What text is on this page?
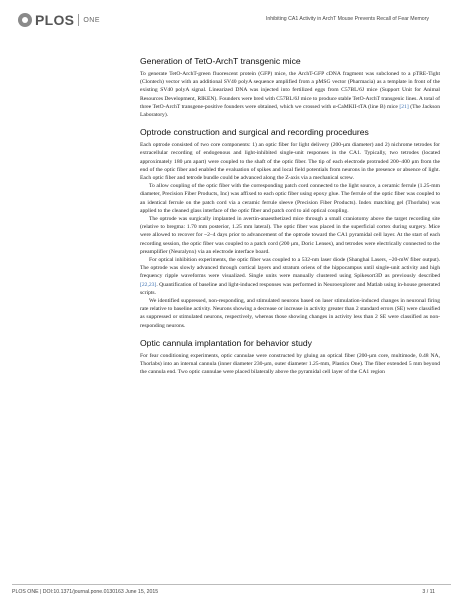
PLOS ONE	Inhibiting CA1 Activity in ArchT Mouse Prevents Recall of Fear Memory
Generation of TetO-ArchT transgenic mice

To generate TetO-ArchT-green fluorescent protein (GFP) mice, the ArchT-GFP cDNA fragment was subcloned to a pTRE-Tight (Clontech) vector with an additional SV40 polyA sequence amplified from a pMSG vector (Pharmacia) as a template in front of the existing SV40 polyA signal. Linearized DNA was injected into fertilized eggs from C57BL/6J mice (Support Unit for Animal Resources Development, RIKEN). Founders were bred with C57BL/6J mice to produce stable TetO-ArchT transgenic lines. A total of three TetO-ArchT transgene-positive founders were obtained, which we crossed with α-CaMKII-tTA (line B) mice [21] (The Jackson Laboratory).

Optrode construction and surgical and recording procedures

Each optrode consisted of two core components: 1) an optic fiber for light delivery (200-μm diameter) and 2) nichrome tetrodes for extracellular recording of endogenous and light-inhibited single-unit responses in the CA1. Typically, two tetrodes (located approximately 180 μm apart) were coupled to the shaft of the optic fiber. The tip of each electrode protruded 200–400 μm from the end of the optic fiber and enabled the evaluation of spikes and local field potentials from neurons in the presence or absence of light. Each optic fiber and tetrode bundle could be advanced along the Z-axis via a mechanical screw.

To allow coupling of the optic fiber with the corresponding patch cord connected to the light source, a ceramic ferrule (1.25-mm diameter, Precision Fiber Products, Inc) was affixed to each optic fiber using epoxy glue. The ferrule of the optic fiber was coupled to an identical ferrule on the patch cord via a ceramic ferrule sleeve (Precision Fiber Products). Index matching gel (Thorlabs) was applied to the cleaned glass interface of the optic fiber and patch cord to aid optical coupling.

The optrode was surgically implanted in avertin-anaesthetized mice through a small craniotomy above the target recording site (relative to bregma: 1.70 mm posterior, 1.25 mm lateral). The optic fiber was placed in the superficial cortex during surgery. Mice were allowed to recover for ~2–4 days prior to advancement of the optrode toward the CA1 pyramidal cell layer. At the start of each recording session, the optic fiber was coupled to a patch cord (200 μm, Doric Lenses), and tetrodes were electrically connected to the preamplifier (Neuralynx) via an electrode interface board.

For optical inhibition experiments, the optic fiber was coupled to a 532-nm laser diode (Shanghai Lasers, ~20-mW fiber output). The optrode was slowly advanced through cortical layers and stratum oriens of the hippocampus until single-unit activity and high frequency ripple waveforms were visualized. Single units were manually clustered using Spikesort3D as previously described [22,23]. Quantification of baseline and light-induced responses was performed in Neuroexplorer and Matlab using in-house generated scripts.

We identified suppressed, non-responding, and stimulated neurons based on laser stimulation-induced changes in neuronal firing rate relative to baseline activity. Neurons showing a decrease or increase in activity greater than 2 standard errors (SE) were classified as suppressed or stimulated neurons, respectively, whereas those showing changes in activity less than 2 SE were classified as non-responding neurons.

Optic cannula implantation for behavior study

For fear conditioning experiments, optic cannulae were constructed by gluing an optical fiber (200-μm core, multimode, 0.48 NA, Thorlabs) into an internal cannula (inner diameter 230-μm, outer diameter 1.25-mm, Plastics One). The fiber extended 5 mm beyond the cannula end. Two optic cannulae were placed bilaterally above the pyramidal cell layer of the CA1 region

PLOS ONE | DOI:10.1371/journal.pone.0130163 June 15, 2015	3 / 11
